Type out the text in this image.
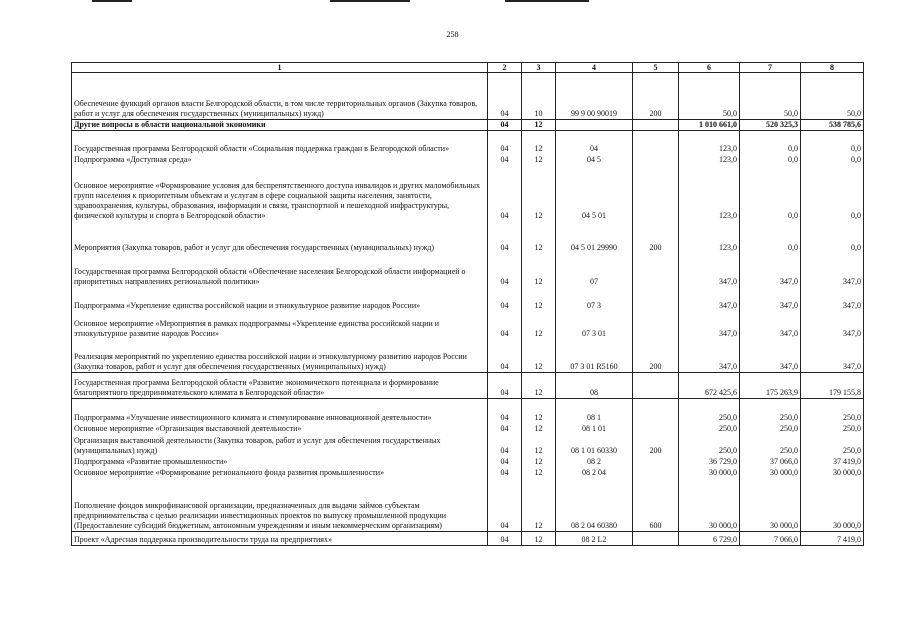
258
1	2	3	4	5	6	7	8
Обеспечение функций органов власти Белгородской области, в том числе территориальных органов (Закупка товаров, работ и услуг для обеспечения государственных (муниципальных) нужд)	04	10	99 9 00 90019	200	50,0	50,0	50,0
Другие вопросы в области национальной экономики	04	12			1 010 661,0	520 325,3	538 785,6
Государственная программа Белгородской области «Социальная поддержка граждан в Белгородской области»	04	12	04		123,0	0,0	0,0
Подпрограмма «Доступная среда»	04	12	04 5		123,0	0,0	0,0
Основное мероприятие «Формирование условия для беспрепятственного доступа инвалидов и других маломобильных групп населения к приоритетным объектам и услугам в сфере социальной защиты населения, занятости, здравоохранения, культуры, образования, информации и связи, транспортной и пешеходной инфраструктуры, физической культуры и спорта в Белгородской области»	04	12	04 5 01		123,0	0,0	0,0
Мероприятия (Закупка товаров, работ и услуг для обеспечения государственных (муниципальных) нужд)	04	12	04 5 01 29990	200	123,0	0,0	0,0
Государственная программа Белгородской области «Обеспечение населения Белгородской области информацией о приоритетных направлениях региональной политики»	04	12	07		347,0	347,0	347,0
Подпрограмма «Укрепление единства российской нации и этнокультурное развитие народов России»	04	12	07 3		347,0	347,0	347,0
Основное мероприятие «Мероприятия в рамках подпрограммы «Укрепление единства российской нации и этнокультурное развитие народов России»	04	12	07 3 01		347,0	347,0	347,0
Реализация мероприятий по укреплению единства российской нации и этнокультурному развитию народов России (Закупка товаров, работ и услуг для обеспечения государственных (муниципальных) нужд)	04	12	07 3 01 R5160	200	347,0	347,0	347,0
Государственная программа Белгородской области «Развитие экономического потенциала и формирование благоприятного предпринимательского климата в Белгородской области»	04	12	08		672 425,6	175 263,9	179 155,8
Подпрограмма «Улучшение инвестиционного климата и стимулирование инновационной деятельности»	04	12	08 1		250,0	250,0	250,0
Основное мероприятие «Организация выставочной деятельности»	04	12	08 1 01		250,0	250,0	250,0
Организация выставочной деятельности (Закупка товаров, работ и услуг для обеспечения государственных (муниципальных) нужд)	04	12	08 1 01 60330	200	250,0	250,0	250,0
Подпрограмма «Развитие промышленности»	04	12	08 2		36 729,0	37 066,0	37 419,0
Основное мероприятие «Формирование регионального фонда развития промышленности»	04	12	08 2 04		30 000,0	30 000,0	30 000,0
Пополнение фондов микрофинансовой организации, предназначенных для выдачи займов субъектам предпринимательства с целью реализации инвестиционных проектов по выпуску промышленной продукции (Предоставление субсидий бюджетным, автономным учреждениям и иным некоммерческим организациям)	04	12	08 2 04 60380	600	30 000,0	30 000,0	30 000,0
Проект «Адресная поддержка производительности труда на предприятиях»	04	12	08 2 L2		6 729,0	7 066,0	7 419,0
